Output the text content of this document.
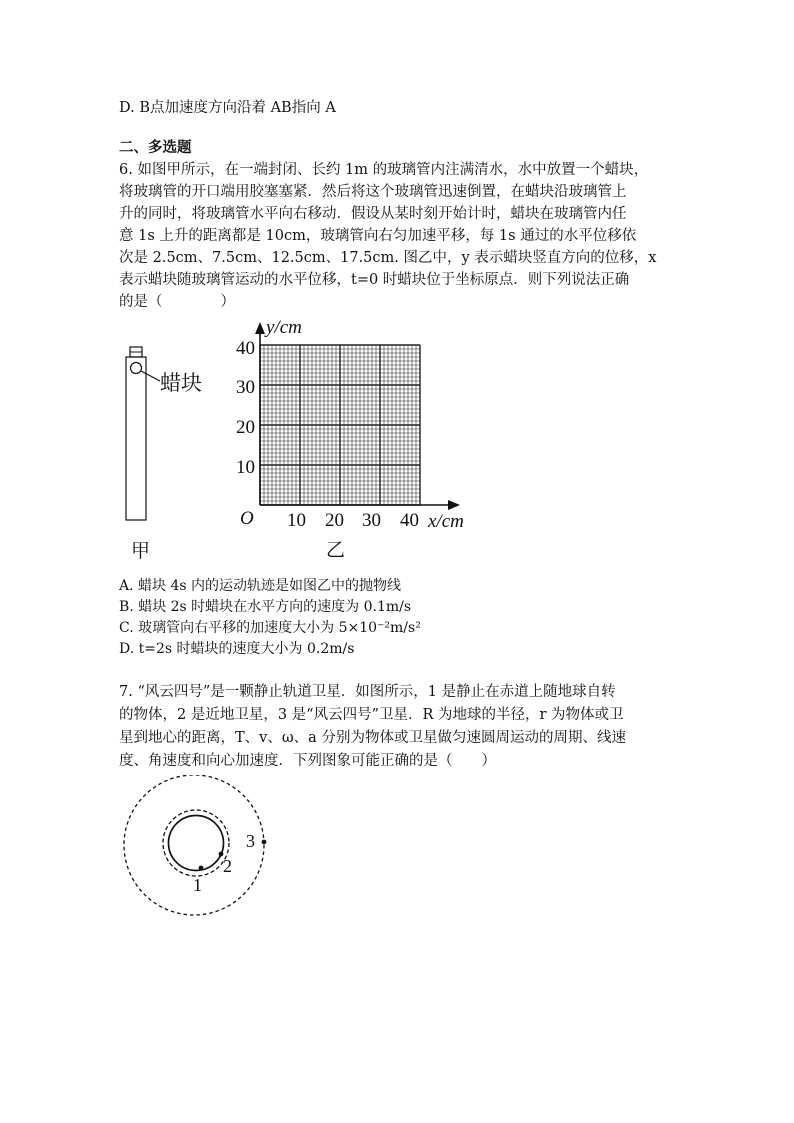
D. B点加速度方向沿着 AB指向 A
二、多选题
6. 如图甲所示，在一端封闭、长约 1m 的玻璃管内注满清水，水中放置一个蜡块，
将玻璃管的开口端用胶塞塞紧．然后将这个玻璃管迅速倒置，在蜡块沿玻璃管上
升的同时，将玻璃管水平向右移动．假设从某时刻开始计时，蜡块在玻璃管内任
意 1s 上升的距离都是 10cm，玻璃管向右匀加速平移，每 1s 通过的水平位移依
次是 2.5cm、7.5cm、12.5cm、17.5cm. 图乙中，y 表示蜡块竖直方向的位移，x
表示蜡块随玻璃管运动的水平位移，t=0 时蜡块位于坐标原点．则下列说法正确
的是（　　　　）
蜡块
甲
y/cm
x/cm
O
10
20
30
40
10 20 30 40
乙
A. 蜡块 4s 内的运动轨迹是如图乙中的抛物线
B. 蜡块 2s 时蜡块在水平方向的速度为 0.1m/s
C. 玻璃管向右平移的加速度大小为 5×10⁻²m/s²
D. t=2s 时蜡块的速度大小为 0.2m/s
7. “风云四号”是一颗静止轨道卫星．如图所示，1 是静止在赤道上随地球自转
的物体，2 是近地卫星，3 是“风云四号”卫星．R 为地球的半径，r 为物体或卫
星到地心的距离，T、v、ω、a 分别为物体或卫星做匀速圆周运动的周期、线速
度、角速度和向心加速度．下列图象可能正确的是（　　）
1
2
3
